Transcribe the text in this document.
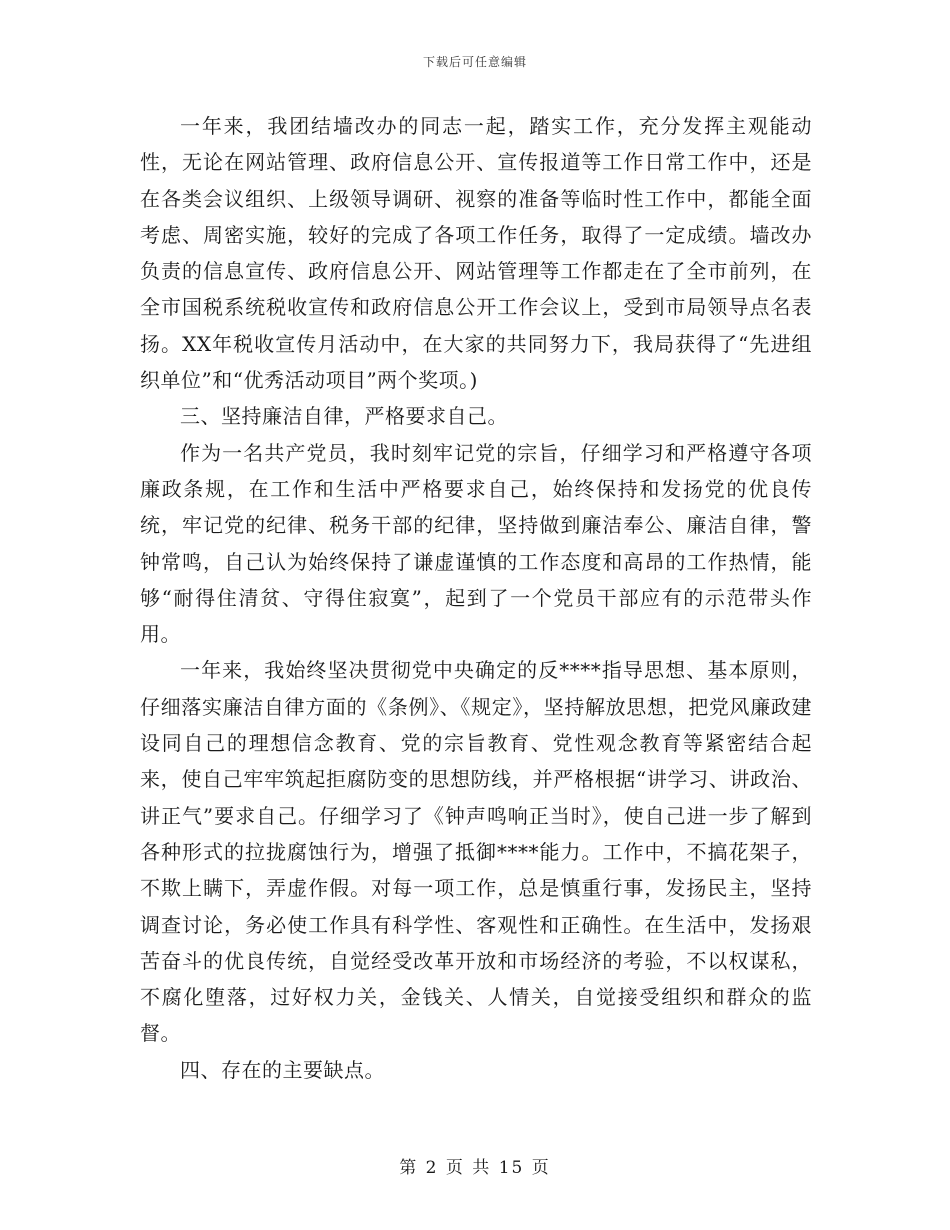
下载后可任意编辑

一年来，我团结墙改办的同志一起，踏实工作，充分发挥主观能动性，无论在网站管理、政府信息公开、宣传报道等工作日常工作中，还是在各类会议组织、上级领导调研、视察的准备等临时性工作中，都能全面考虑、周密实施，较好的完成了各项工作任务，取得了一定成绩。墙改办负责的信息宣传、政府信息公开、网站管理等工作都走在了全市前列，在全市国税系统税收宣传和政府信息公开工作会议上，受到市局领导点名表扬。XX年税收宣传月活动中，在大家的共同努力下，我局获得了“先进组织单位”和“优秀活动项目”两个奖项。)

三、坚持廉洁自律，严格要求自己。

作为一名共产党员，我时刻牢记党的宗旨，仔细学习和严格遵守各项廉政条规，在工作和生活中严格要求自己，始终保持和发扬党的优良传统，牢记党的纪律、税务干部的纪律，坚持做到廉洁奉公、廉洁自律，警钟常鸣，自己认为始终保持了谦虚谨慎的工作态度和高昂的工作热情，能够“耐得住清贫、守得住寂寞”，起到了一个党员干部应有的示范带头作用。

一年来，我始终坚决贯彻党中央确定的反****指导思想、基本原则，仔细落实廉洁自律方面的《条例》、《规定》，坚持解放思想，把党风廉政建设同自己的理想信念教育、党的宗旨教育、党性观念教育等紧密结合起来，使自己牢牢筑起拒腐防变的思想防线，并严格根据“讲学习、讲政治、讲正气”要求自己。仔细学习了《钟声鸣响正当时》，使自己进一步了解到各种形式的拉拢腐蚀行为，增强了抵御****能力。工作中，不搞花架子，不欺上瞒下，弄虚作假。对每一项工作，总是慎重行事，发扬民主，坚持调查讨论，务必使工作具有科学性、客观性和正确性。在生活中，发扬艰苦奋斗的优良传统，自觉经受改革开放和市场经济的考验，不以权谋私，不腐化堕落，过好权力关，金钱关、人情关，自觉接受组织和群众的监督。

四、存在的主要缺点。

第 2 页 共 15 页
